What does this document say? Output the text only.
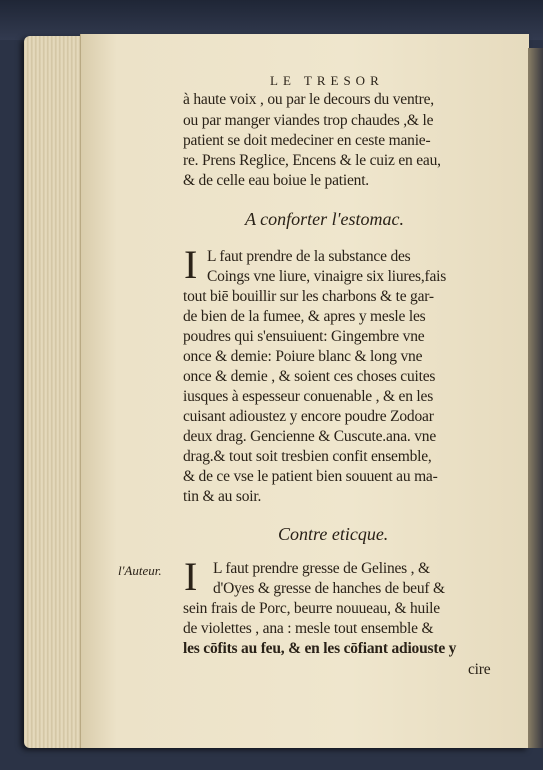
LE TRESOR
à haute voix , ou par le decours du ventre,
ou par manger viandes trop chaudes ,& le
patient se doit medeciner en ceste manie-
re. Prens Reglice, Encens & le cuiz en eau,
& de celle eau boiue le patient.
A conforter l'estomac.
I L faut prendre de la substance des
Coings vne liure, vinaigre six liures,fais
tout biē bouillir sur les charbons & te gar-
de bien de la fumee, & apres y mesle les
poudres qui s'ensuiuent: Gingembre vne
once & demie: Poiure blanc & long vne
once & demie , & soient ces choses cuites
iusques à espesseur conuenable , & en les
cuisant adioustez y encore poudre Zodoar
deux drag. Gencienne & Cuscute.ana. vne
drag.& tout soit tresbien confit ensemble,
& de ce vse le patient bien souuent au ma-
tin & au soir.
Contre eticque.
l'Auteur. I L faut prendre gresse de Gelines , &
d'Oyes & gresse de hanches de beuf &
sein frais de Porc, beurre nouueau, & huile
de violettes , ana : mesle tout ensemble &
les cōfits au feu, & en les cōfiant adiouste y
cire
